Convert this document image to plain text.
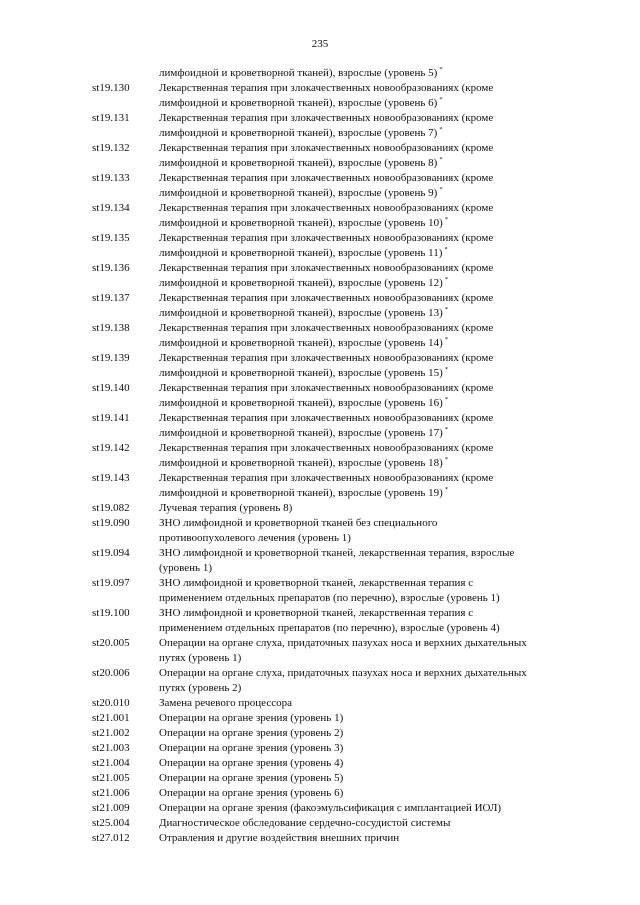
235
лимфоидной и кроветворной тканей), взрослые (уровень 5) *
st19.130	Лекарственная терапия при злокачественных новообразованиях (кроме
лимфоидной и кроветворной тканей), взрослые (уровень 6) *
st19.131	Лекарственная терапия при злокачественных новообразованиях (кроме
лимфоидной и кроветворной тканей), взрослые (уровень 7) *
st19.132	Лекарственная терапия при злокачественных новообразованиях (кроме
лимфоидной и кроветворной тканей), взрослые (уровень 8) *
st19.133	Лекарственная терапия при злокачественных новообразованиях (кроме
лимфоидной и кроветворной тканей), взрослые (уровень 9) *
st19.134	Лекарственная терапия при злокачественных новообразованиях (кроме
лимфоидной и кроветворной тканей), взрослые (уровень 10) *
st19.135	Лекарственная терапия при злокачественных новообразованиях (кроме
лимфоидной и кроветворной тканей), взрослые (уровень 11) *
st19.136	Лекарственная терапия при злокачественных новообразованиях (кроме
лимфоидной и кроветворной тканей), взрослые (уровень 12) *
st19.137	Лекарственная терапия при злокачественных новообразованиях (кроме
лимфоидной и кроветворной тканей), взрослые (уровень 13) *
st19.138	Лекарственная терапия при злокачественных новообразованиях (кроме
лимфоидной и кроветворной тканей), взрослые (уровень 14) *
st19.139	Лекарственная терапия при злокачественных новообразованиях (кроме
лимфоидной и кроветворной тканей), взрослые (уровень 15) *
st19.140	Лекарственная терапия при злокачественных новообразованиях (кроме
лимфоидной и кроветворной тканей), взрослые (уровень 16) *
st19.141	Лекарственная терапия при злокачественных новообразованиях (кроме
лимфоидной и кроветворной тканей), взрослые (уровень 17) *
st19.142	Лекарственная терапия при злокачественных новообразованиях (кроме
лимфоидной и кроветворной тканей), взрослые (уровень 18) *
st19.143	Лекарственная терапия при злокачественных новообразованиях (кроме
лимфоидной и кроветворной тканей), взрослые (уровень 19) *
st19.082	Лучевая терапия (уровень 8)
st19.090	ЗНО лимфоидной и кроветворной тканей без специального
противоопухолевого лечения (уровень 1)
st19.094	ЗНО лимфоидной и кроветворной тканей, лекарственная терапия, взрослые
(уровень 1)
st19.097	ЗНО лимфоидной и кроветворной тканей, лекарственная терапия с
применением отдельных препаратов (по перечню), взрослые (уровень 1)
st19.100	ЗНО лимфоидной и кроветворной тканей, лекарственная терапия с
применением отдельных препаратов (по перечню), взрослые (уровень 4)
st20.005	Операции на органе слуха, придаточных пазухах носа и верхних дыхательных
путях (уровень 1)
st20.006	Операции на органе слуха, придаточных пазухах носа и верхних дыхательных
путях (уровень 2)
st20.010	Замена речевого процессора
st21.001	Операции на органе зрения (уровень 1)
st21.002	Операции на органе зрения (уровень 2)
st21.003	Операции на органе зрения (уровень 3)
st21.004	Операции на органе зрения (уровень 4)
st21.005	Операции на органе зрения (уровень 5)
st21.006	Операции на органе зрения (уровень 6)
st21.009	Операции на органе зрения (факоэмульсификация с имплантацией ИОЛ)
st25.004	Диагностическое обследование сердечно-сосудистой системы
st27.012	Отравления и другие воздействия внешних причин
